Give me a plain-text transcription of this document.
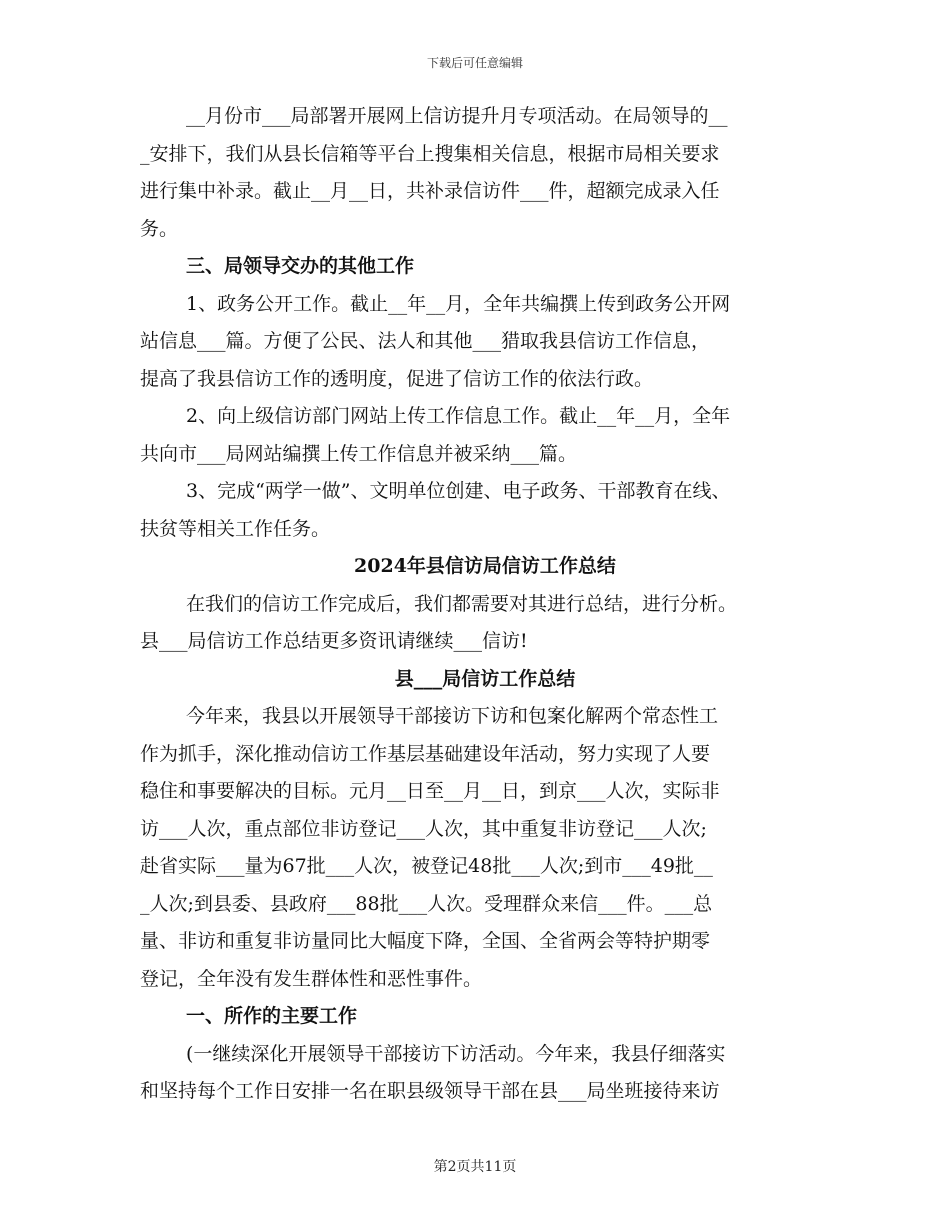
下载后可任意编辑

__月份市___局部署开展网上信访提升月专项活动。在局领导的__

_安排下，我们从县长信箱等平台上搜集相关信息，根据市局相关要求

进行集中补录。截止__月__日，共补录信访件___件，超额完成录入任

务。

三、局领导交办的其他工作

1、政务公开工作。截止__年__月，全年共编撰上传到政务公开网

站信息___篇。方便了公民、法人和其他___猎取我县信访工作信息，

提高了我县信访工作的透明度，促进了信访工作的依法行政。

2、向上级信访部门网站上传工作信息工作。截止__年__月，全年

共向市___局网站编撰上传工作信息并被采纳___篇。

3、完成“两学一做”、文明单位创建、电子政务、干部教育在线、

扶贫等相关工作任务。

2024年县信访局信访工作总结

在我们的信访工作完成后，我们都需要对其进行总结，进行分析。

县___局信访工作总结更多资讯请继续___信访!

县___局信访工作总结

今年来，我县以开展领导干部接访下访和包案化解两个常态性工

作为抓手，深化推动信访工作基层基础建设年活动，努力实现了人要

稳住和事要解决的目标。元月__日至__月__日，到京___人次，实际非

访___人次，重点部位非访登记___人次，其中重复非访登记___人次;

赴省实际___量为67批___人次，被登记48批___人次;到市___49批__

_人次;到县委、县政府___88批___人次。受理群众来信___件。___总

量、非访和重复非访量同比大幅度下降，全国、全省两会等特护期零

登记，全年没有发生群体性和恶性事件。

一、所作的主要工作

(一继续深化开展领导干部接访下访活动。今年来，我县仔细落实

和坚持每个工作日安排一名在职县级领导干部在县___局坐班接待来访

第2页共11页
